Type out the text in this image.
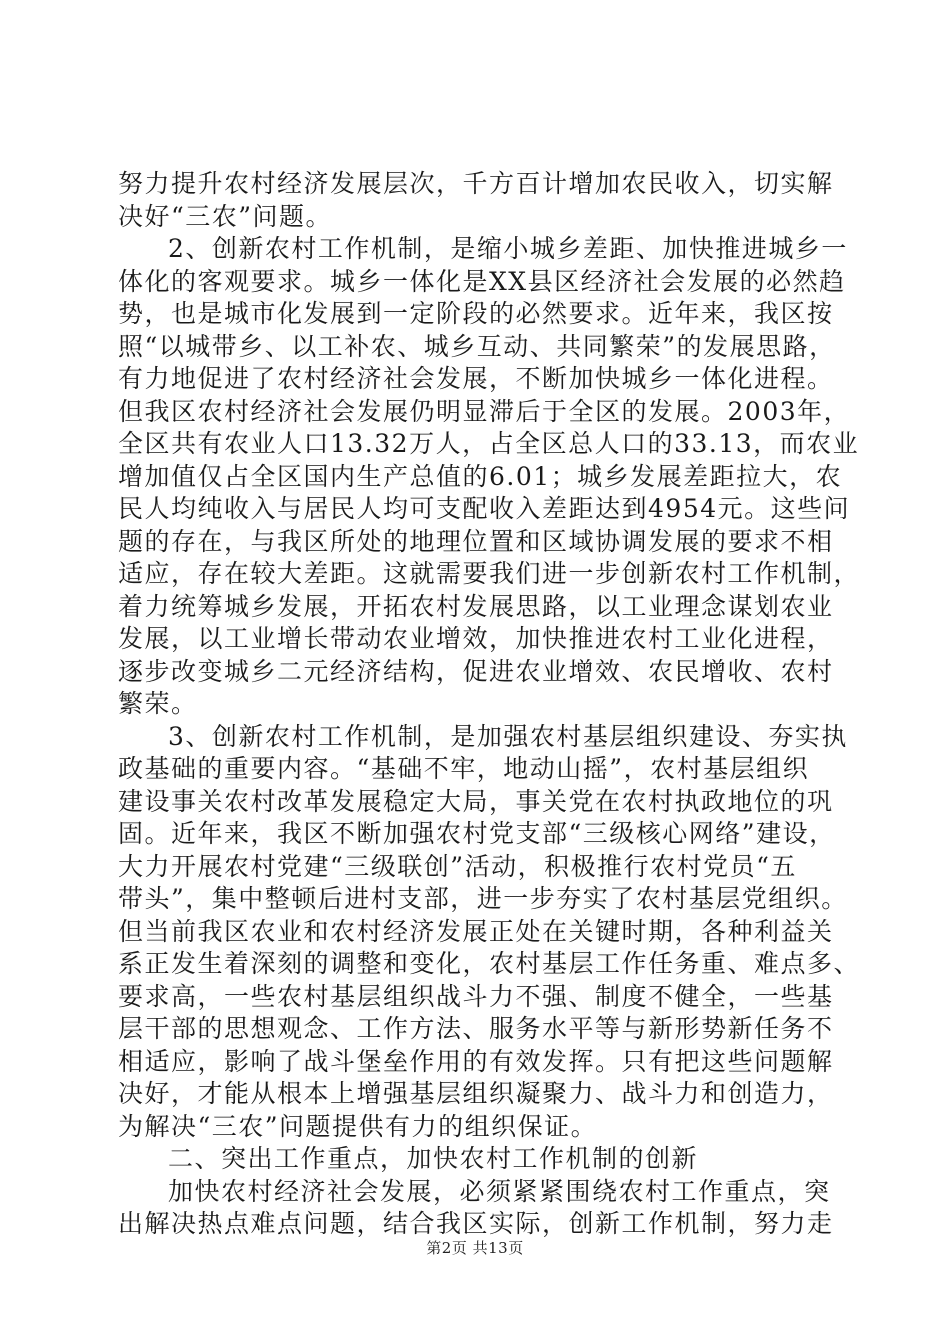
努力提升农村经济发展层次，千方百计增加农民收入，切实解
决好“三农”问题。
2、创新农村工作机制，是缩小城乡差距、加快推进城乡一
体化的客观要求。城乡一体化是XX县区经济社会发展的必然趋
势，也是城市化发展到一定阶段的必然要求。近年来，我区按
照“以城带乡、以工补农、城乡互动、共同繁荣”的发展思路，
有力地促进了农村经济社会发展，不断加快城乡一体化进程。
但我区农村经济社会发展仍明显滞后于全区的发展。2003年，
全区共有农业人口13.32万人，占全区总人口的33.13，而农业
增加值仅占全区国内生产总值的6.01；城乡发展差距拉大，农
民人均纯收入与居民人均可支配收入差距达到4954元。这些问
题的存在，与我区所处的地理位置和区域协调发展的要求不相
适应，存在较大差距。这就需要我们进一步创新农村工作机制，
着力统筹城乡发展，开拓农村发展思路，以工业理念谋划农业
发展，以工业增长带动农业增效，加快推进农村工业化进程，
逐步改变城乡二元经济结构，促进农业增效、农民增收、农村
繁荣。
3、创新农村工作机制，是加强农村基层组织建设、夯实执
政基础的重要内容。“基础不牢，地动山摇”，农村基层组织
建设事关农村改革发展稳定大局，事关党在农村执政地位的巩
固。近年来，我区不断加强农村党支部“三级核心网络”建设，
大力开展农村党建“三级联创”活动，积极推行农村党员“五
带头”，集中整顿后进村支部，进一步夯实了农村基层党组织。
但当前我区农业和农村经济发展正处在关键时期，各种利益关
系正发生着深刻的调整和变化，农村基层工作任务重、难点多、
要求高，一些农村基层组织战斗力不强、制度不健全，一些基
层干部的思想观念、工作方法、服务水平等与新形势新任务不
相适应，影响了战斗堡垒作用的有效发挥。只有把这些问题解
决好，才能从根本上增强基层组织凝聚力、战斗力和创造力，
为解决“三农”问题提供有力的组织保证。
二、突出工作重点，加快农村工作机制的创新
加快农村经济社会发展，必须紧紧围绕农村工作重点，突
出解决热点难点问题，结合我区实际，创新工作机制，努力走
第2页 共13页
